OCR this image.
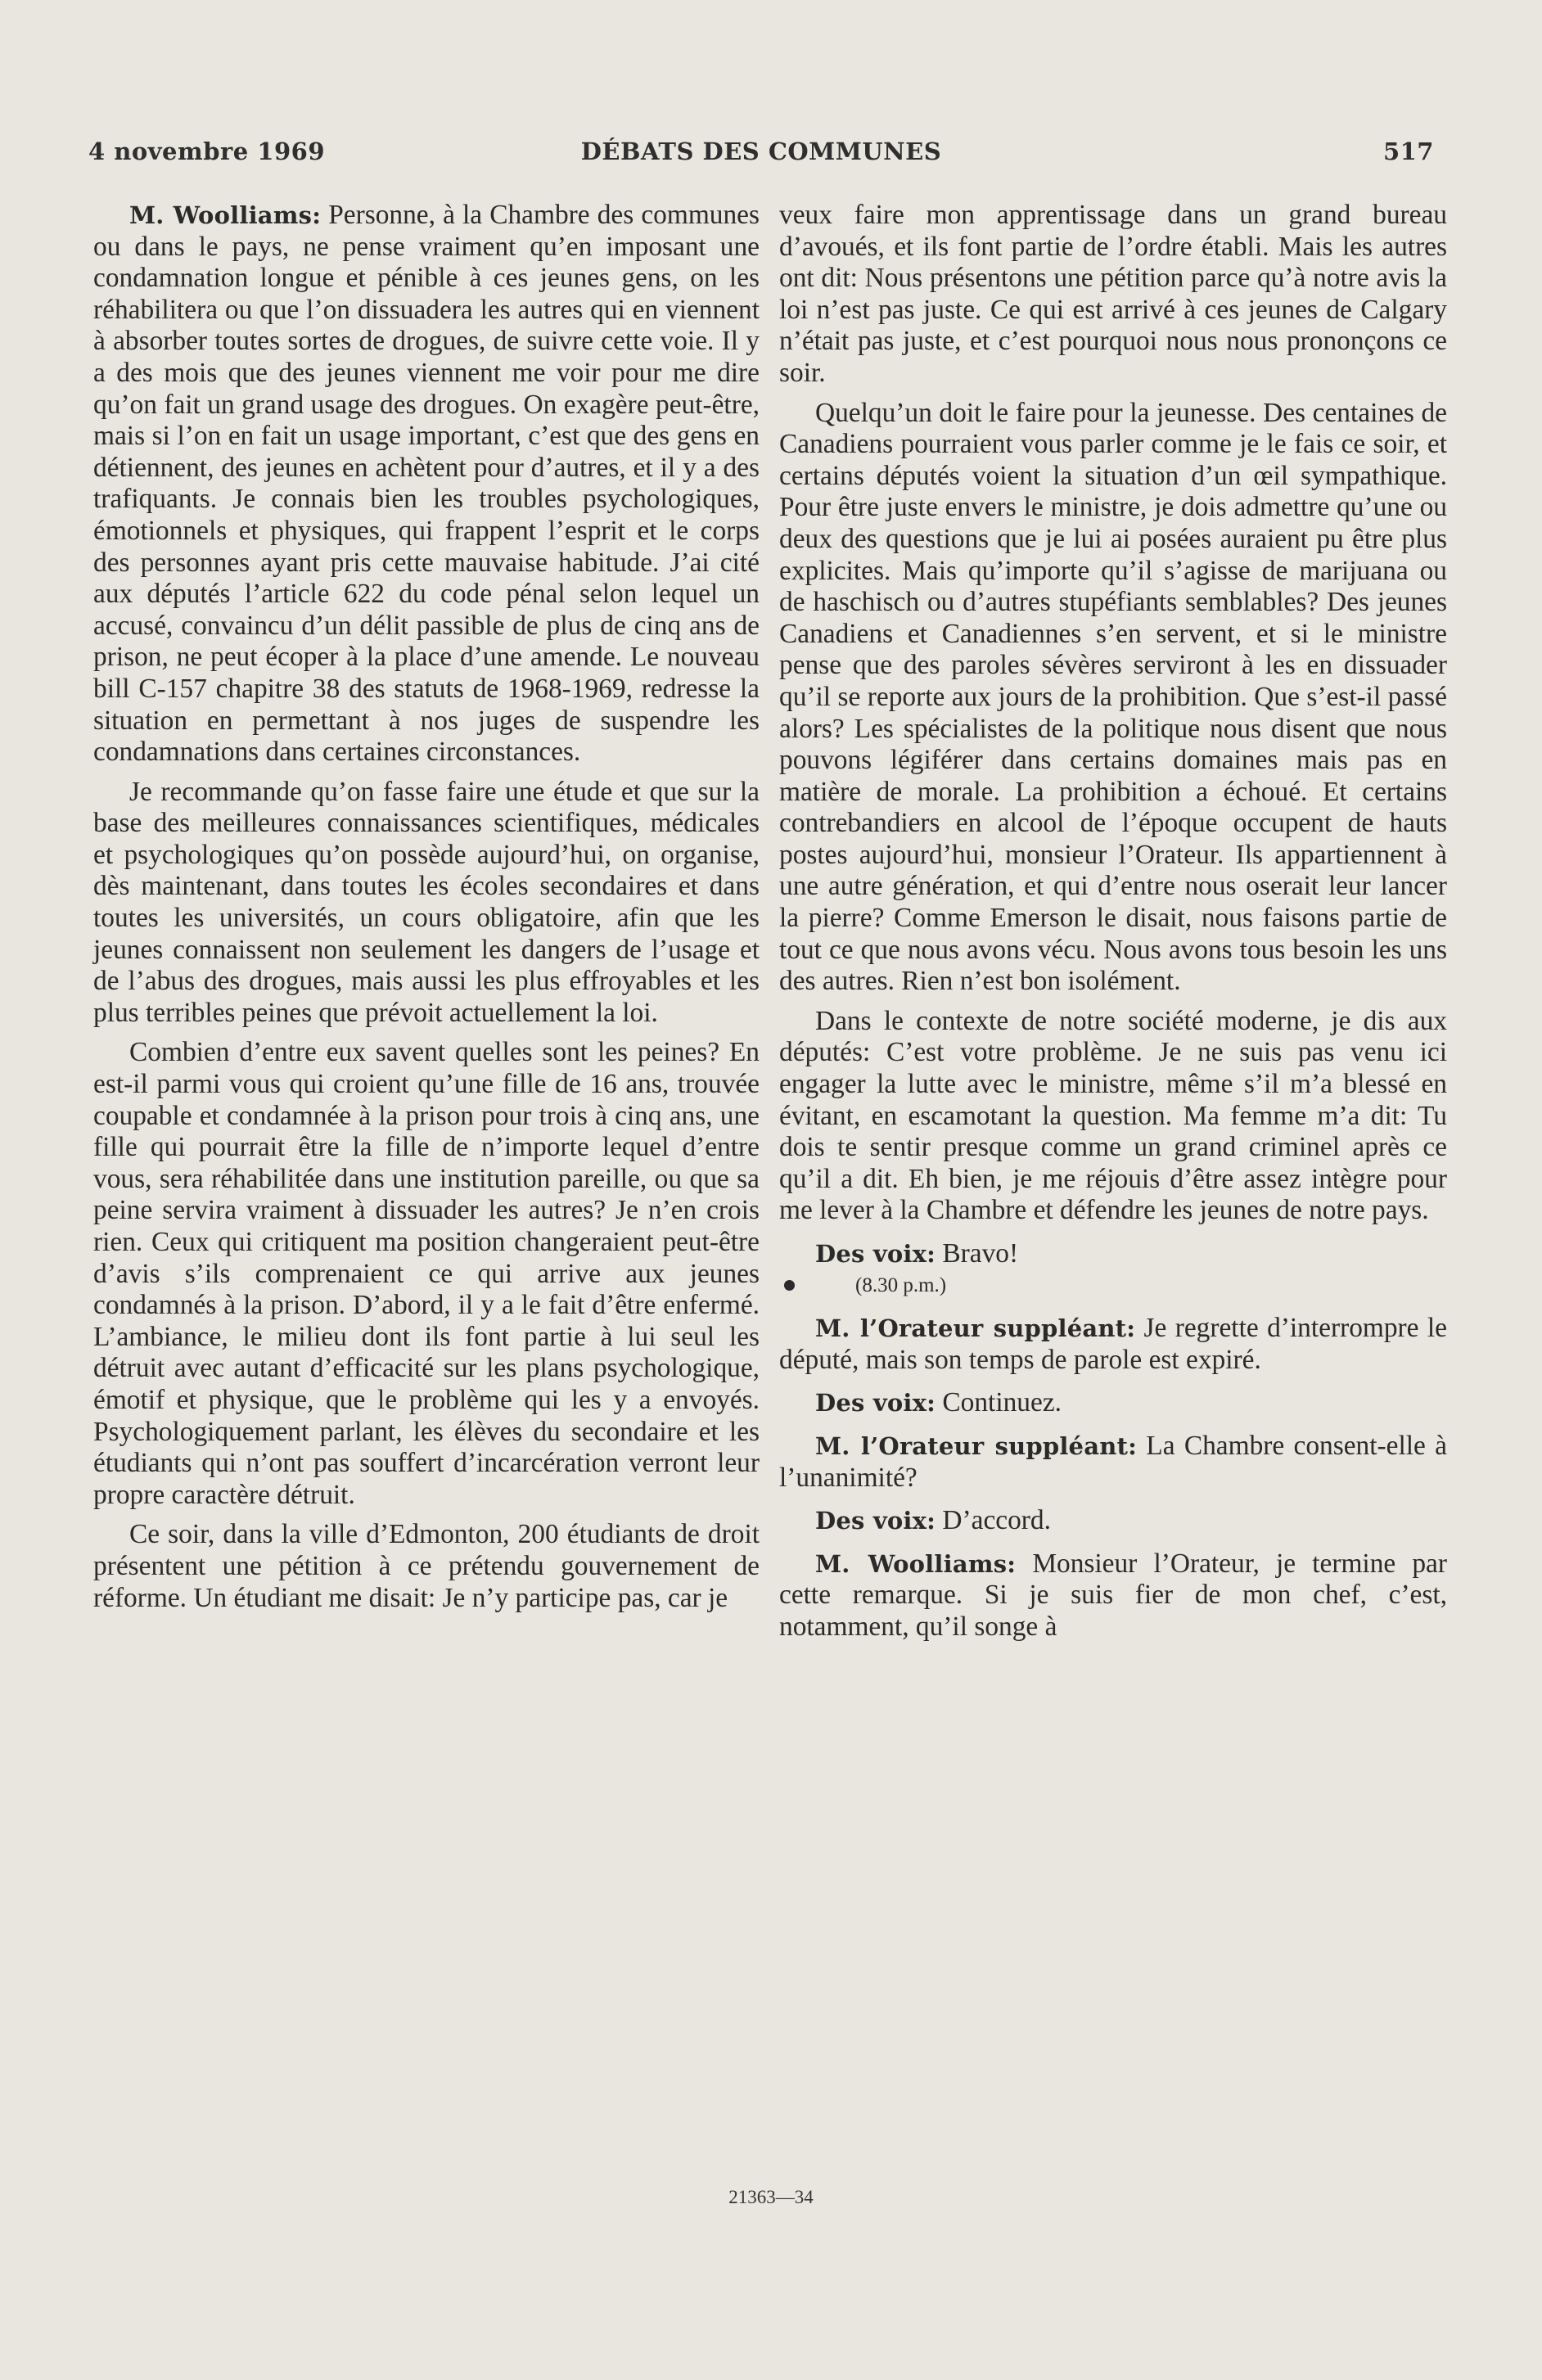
4 novembre 1969	DÉBATS DES COMMUNES	517

M. Woolliams: Personne, à la Chambre des communes ou dans le pays, ne pense vraiment qu’en imposant une condamnation longue et pénible à ces jeunes gens, on les réhabilitera ou que l’on dissuadera les autres qui en viennent à absorber toutes sortes de drogues, de suivre cette voie. Il y a des mois que des jeunes viennent me voir pour me dire qu’on fait un grand usage des drogues. On exagère peut-être, mais si l’on en fait un usage important, c’est que des gens en détiennent, des jeunes en achètent pour d’autres, et il y a des trafiquants. Je connais bien les troubles psychologiques, émotionnels et physiques, qui frappent l’esprit et le corps des personnes ayant pris cette mauvaise habitude. J’ai cité aux députés l’article 622 du code pénal selon lequel un accusé, convaincu d’un délit passible de plus de cinq ans de prison, ne peut écoper à la place d’une amende. Le nouveau bill C-157 chapitre 38 des statuts de 1968-1969, redresse la situation en permettant à nos juges de suspendre les condamnations dans certaines circonstances.

Je recommande qu’on fasse faire une étude et que sur la base des meilleures connaissances scientifiques, médicales et psychologiques qu’on possède aujourd’hui, on organise, dès maintenant, dans toutes les écoles secondaires et dans toutes les universités, un cours obligatoire, afin que les jeunes connaissent non seulement les dangers de l’usage et de l’abus des drogues, mais aussi les plus effroyables et les plus terribles peines que prévoit actuellement la loi.

Combien d’entre eux savent quelles sont les peines? En est-il parmi vous qui croient qu’une fille de 16 ans, trouvée coupable et condamnée à la prison pour trois à cinq ans, une fille qui pourrait être la fille de n’importe lequel d’entre vous, sera réhabilitée dans une institution pareille, ou que sa peine servira vraiment à dissuader les autres? Je n’en crois rien. Ceux qui critiquent ma position changeraient peut-être d’avis s’ils comprenaient ce qui arrive aux jeunes condamnés à la prison. D’abord, il y a le fait d’être enfermé. L’ambiance, le milieu dont ils font partie à lui seul les détruit avec autant d’efficacité sur les plans psychologique, émotif et physique, que le problème qui les y a envoyés. Psychologiquement parlant, les élèves du secondaire et les étudiants qui n’ont pas souffert d’incarcération verront leur propre caractère détruit.

Ce soir, dans la ville d’Edmonton, 200 étudiants de droit présentent une pétition à ce prétendu gouvernement de réforme. Un étudiant me disait: Je n’y participe pas, car je

veux faire mon apprentissage dans un grand bureau d’avoués, et ils font partie de l’ordre établi. Mais les autres ont dit: Nous présentons une pétition parce qu’à notre avis la loi n’est pas juste. Ce qui est arrivé à ces jeunes de Calgary n’était pas juste, et c’est pourquoi nous nous prononçons ce soir.

Quelqu’un doit le faire pour la jeunesse. Des centaines de Canadiens pourraient vous parler comme je le fais ce soir, et certains députés voient la situation d’un œil sympathique. Pour être juste envers le ministre, je dois admettre qu’une ou deux des questions que je lui ai posées auraient pu être plus explicites. Mais qu’importe qu’il s’agisse de marijuana ou de haschisch ou d’autres stupéfiants semblables? Des jeunes Canadiens et Canadiennes s’en servent, et si le ministre pense que des paroles sévères serviront à les en dissuader qu’il se reporte aux jours de la prohibition. Que s’est-il passé alors? Les spécialistes de la politique nous disent que nous pouvons légiférer dans certains domaines mais pas en matière de morale. La prohibition a échoué. Et certains contrebandiers en alcool de l’époque occupent de hauts postes aujourd’hui, monsieur l’Orateur. Ils appartiennent à une autre génération, et qui d’entre nous oserait leur lancer la pierre? Comme Emerson le disait, nous faisons partie de tout ce que nous avons vécu. Nous avons tous besoin les uns des autres. Rien n’est bon isolément.

Dans le contexte de notre société moderne, je dis aux députés: C’est votre problème. Je ne suis pas venu ici engager la lutte avec le ministre, même s’il m’a blessé en évitant, en escamotant la question. Ma femme m’a dit: Tu dois te sentir presque comme un grand criminel après ce qu’il a dit. Eh bien, je me réjouis d’être assez intègre pour me lever à la Chambre et défendre les jeunes de notre pays.

Des voix: Bravo!

(8.30 p.m.)

M. l’Orateur suppléant: Je regrette d’interrompre le député, mais son temps de parole est expiré.

Des voix: Continuez.

M. l’Orateur suppléant: La Chambre consent-elle à l’unanimité?

Des voix: D’accord.

M. Woolliams: Monsieur l’Orateur, je termine par cette remarque. Si je suis fier de mon chef, c’est, notamment, qu’il songe à

21363—34
